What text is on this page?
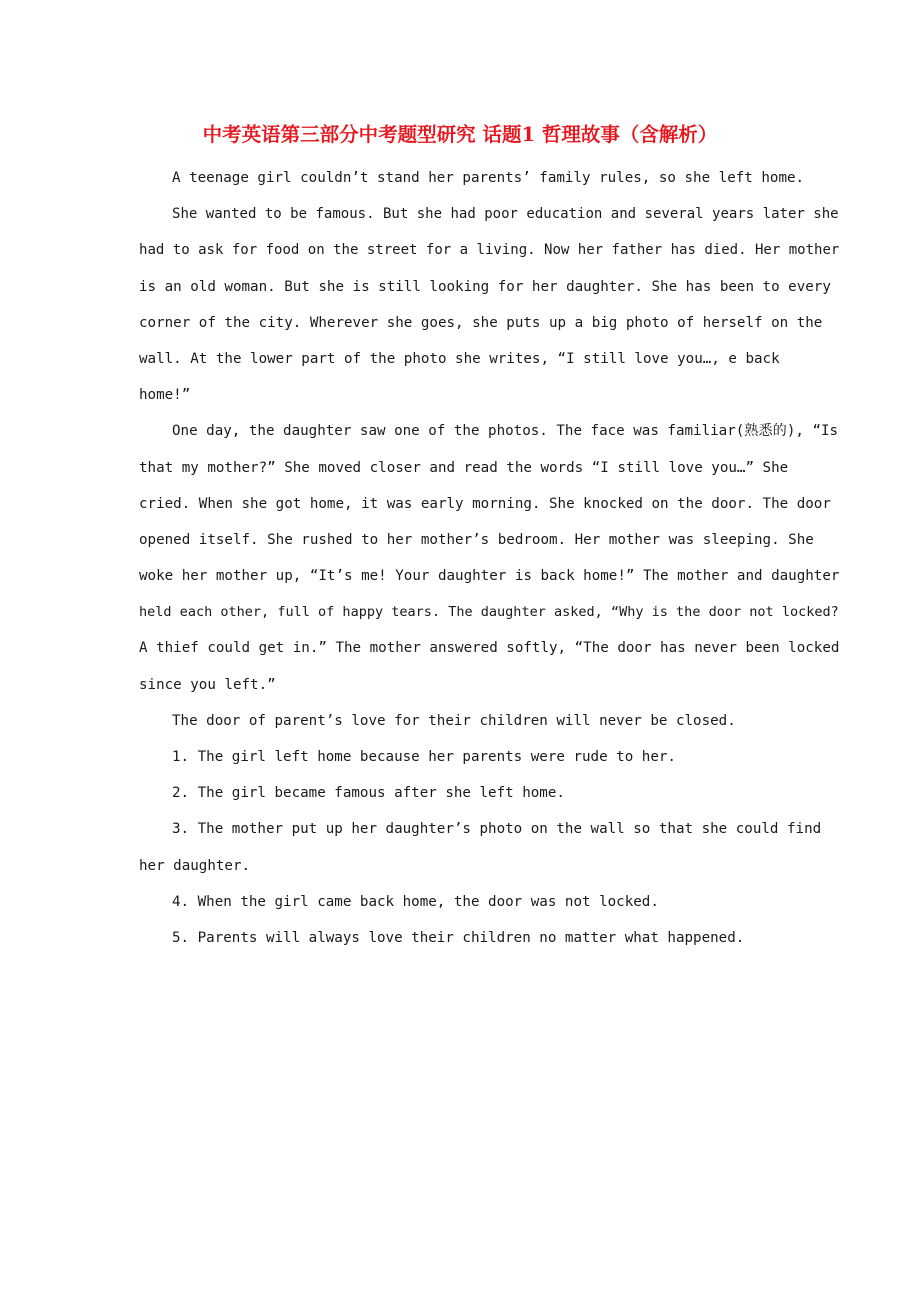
中考英语第三部分中考题型研究 话题1 哲理故事（含解析）
A teenage girl couldn’t stand her parents’ family rules, so she left home.
She wanted to be famous. But she had poor education and several years later she
had to ask for food on the street for a living. Now her father has died. Her mother
is an old woman. But she is still looking for her daughter. She has been to every
corner of the city. Wherever she goes, she puts up a big photo of herself on the
wall. At the lower part of the photo she writes, “I still love you…, e back
home!”
One day, the daughter saw one of the photos. The face was familiar(熟悉的), “Is
that my mother?” She moved closer and read the words “I still love you…” She
cried. When she got home, it was early morning. She knocked on the door. The door
opened itself. She rushed to her mother’s bedroom. Her mother was sleeping. She
woke her mother up, “It’s me! Your daughter is back home!” The mother and daughter
held each other, full of happy tears. The daughter asked, “Why is the door not locked?
A thief could get in.” The mother answered softly, “The door has never been locked
since you left.”
The door of parent’s love for their children will never be closed.
1. The girl left home because her parents were rude to her.
2. The girl became famous after she left home.
3. The mother put up her daughter’s photo on the wall so that she could find
her daughter.
4. When the girl came back home, the door was not locked.
5. Parents will always love their children no matter what happened.
